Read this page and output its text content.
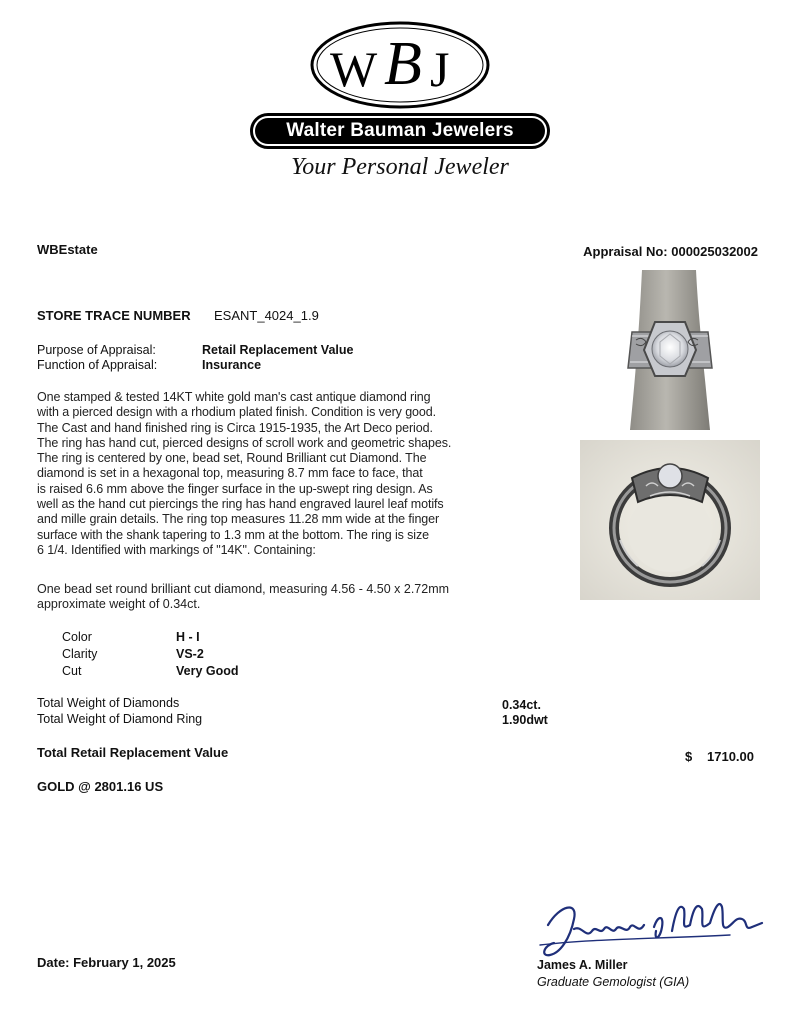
W B J
Walter Bauman Jewelers
Your Personal Jeweler
WBEstate	Appraisal No: 000025032002
STORE TRACE NUMBER ESANT_4024_1.9
Purpose of Appraisal:	Retail Replacement Value
Function of Appraisal:	Insurance
One stamped & tested 14KT white gold man's cast antique diamond ring
with a pierced design with a rhodium plated finish. Condition is very good.
The Cast and hand finished ring is Circa 1915-1935, the Art Deco period.
The ring has hand cut, pierced designs of scroll work and geometric shapes.
The ring is centered by one, bead set, Round Brilliant cut Diamond. The
diamond is set in a hexagonal top, measuring 8.7 mm face to face, that
is raised 6.6 mm above the finger surface in the up-swept ring design. As
well as the hand cut piercings the ring has hand engraved laurel leaf motifs
and mille grain details. The ring top measures 11.28 mm wide at the finger
surface with the shank tapering to 1.3 mm at the bottom. The ring is size
6 1/4. Identified with markings of "14K". Containing:
One bead set round brilliant cut diamond, measuring 4.56 - 4.50 x 2.72mm
approximate weight of 0.34ct.
Color	H - I
Clarity	VS-2
Cut	Very Good
Total Weight of Diamonds	0.34ct.
Total Weight of Diamond Ring	1.90dwt
Total Retail Replacement Value	$ 1710.00
GOLD @ 2801.16 US
Date: February 1, 2025	James A. Miller
Graduate Gemologist (GIA)
